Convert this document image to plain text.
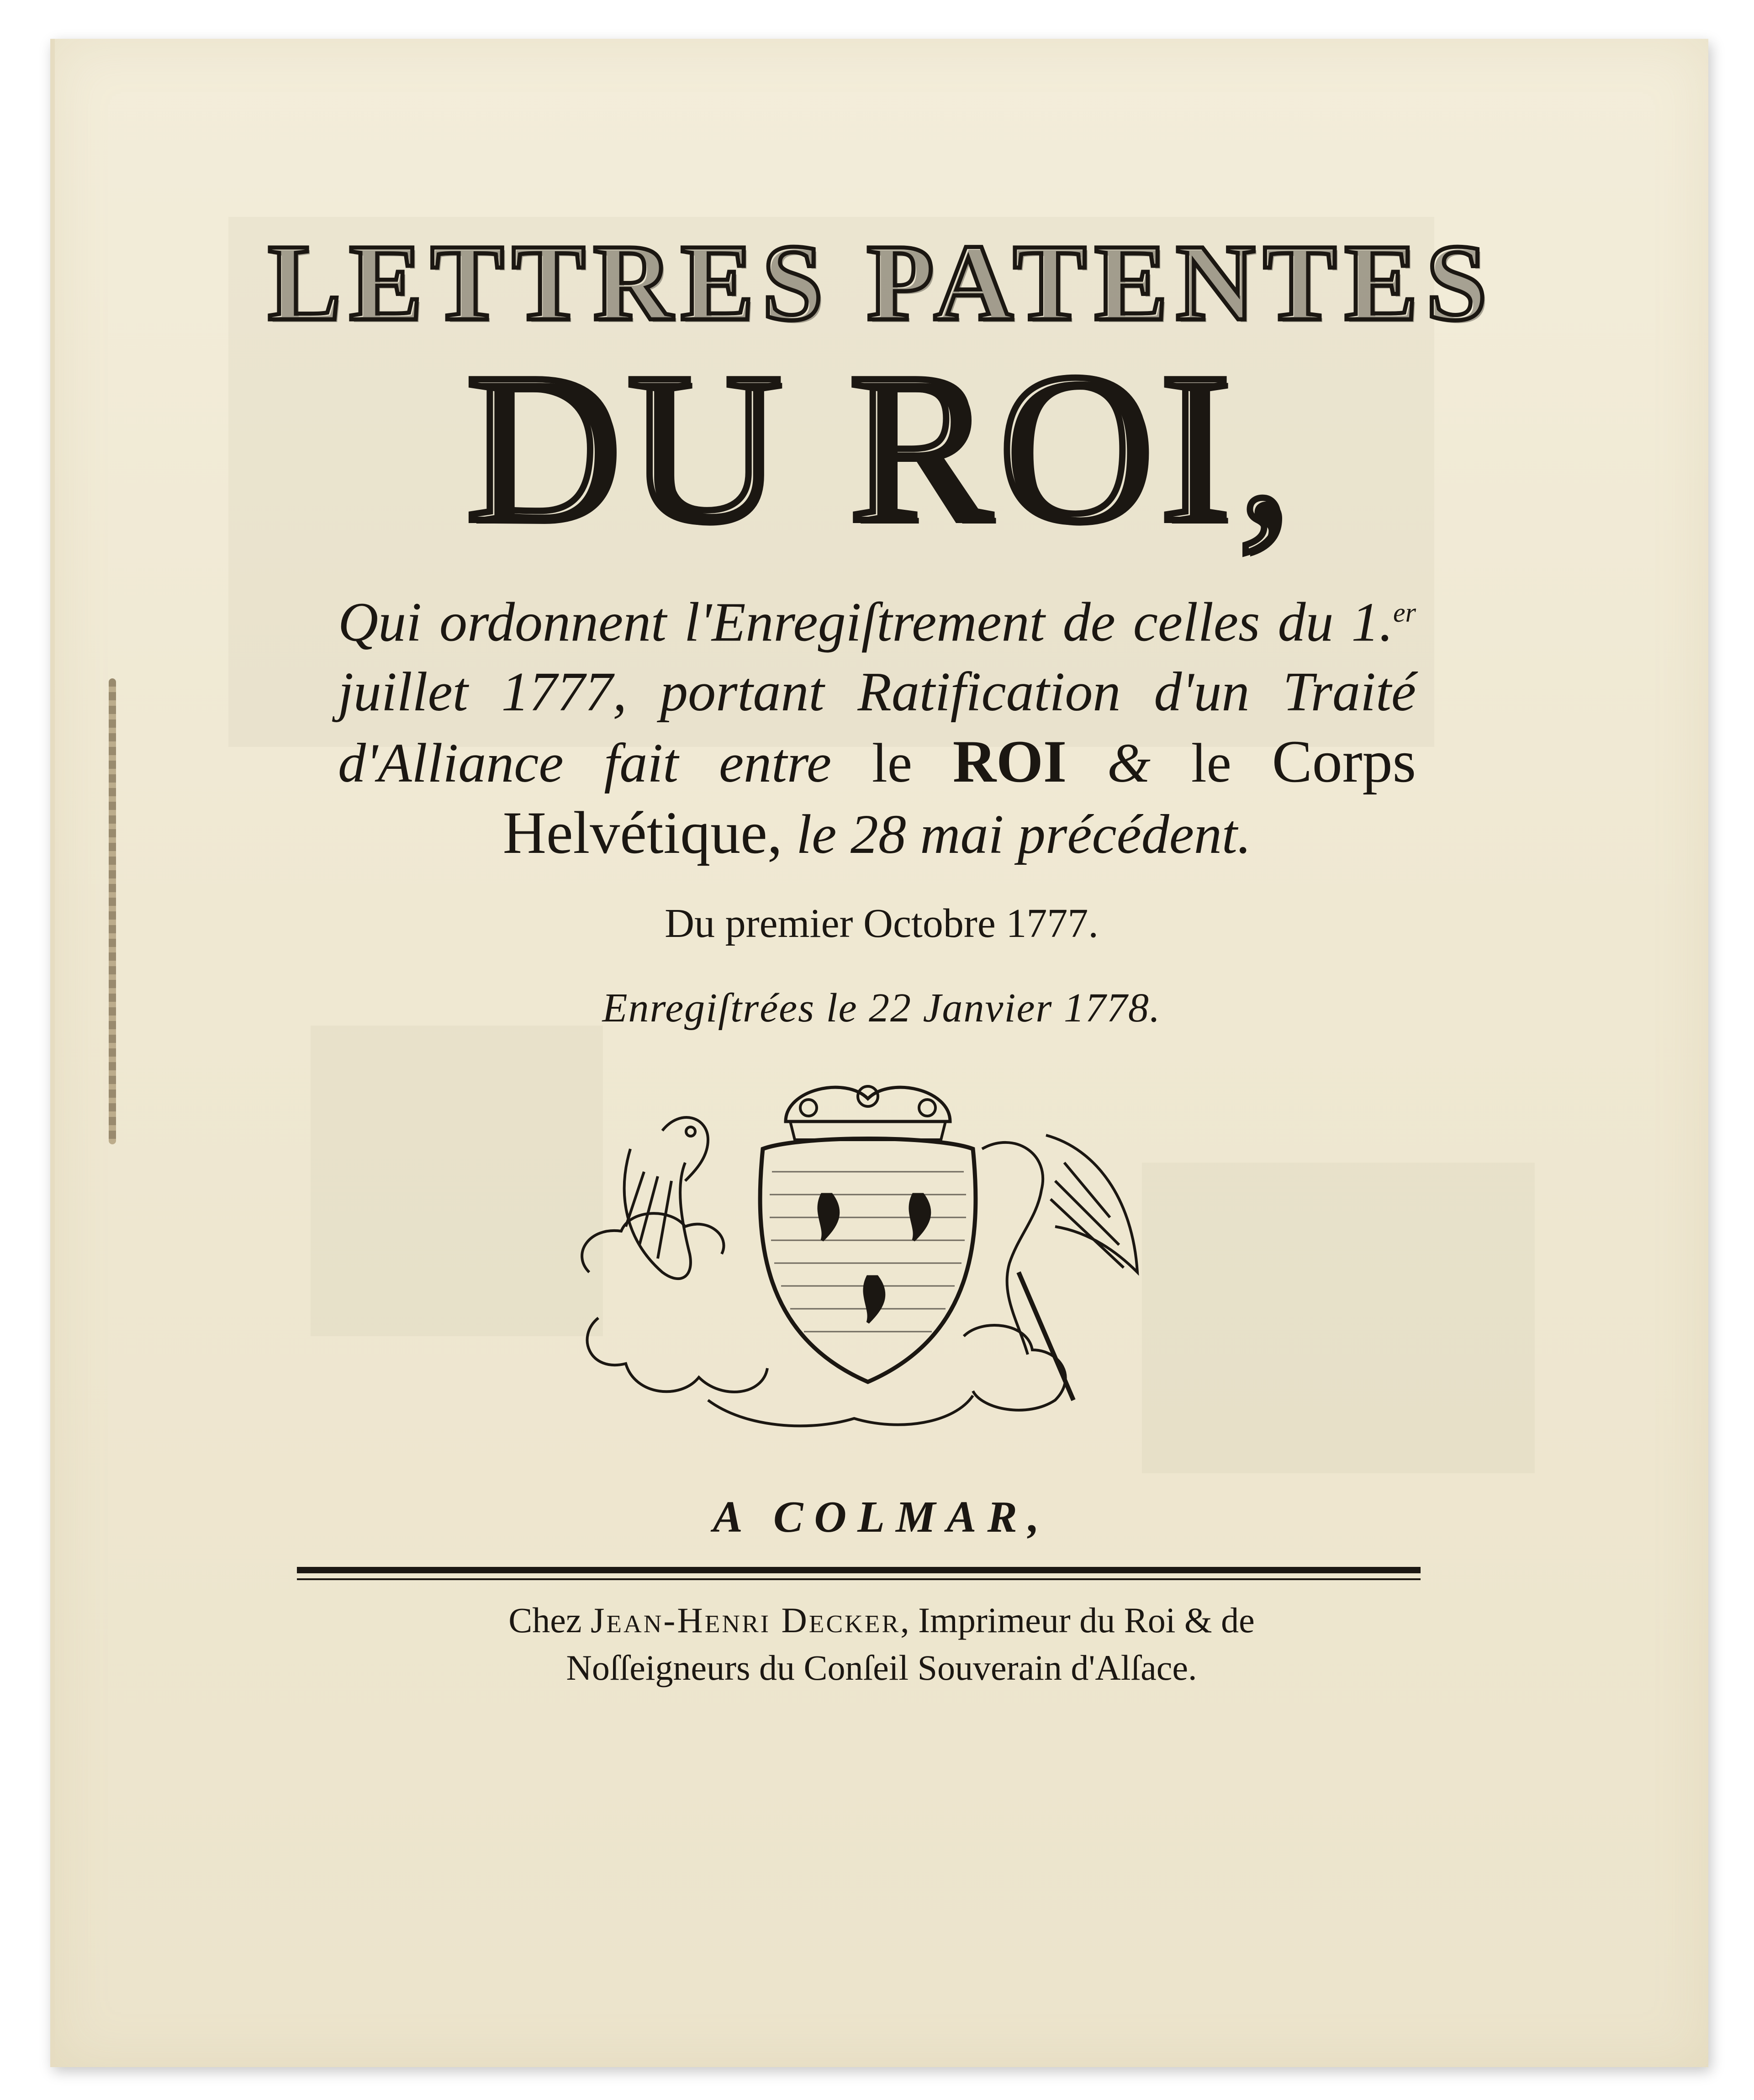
LETTRES PATENTES
DU ROI,
Qui ordonnent l'Enregiſtrement de celles du 1.$^{er}$ juillet 1777, portant Ratification d'un Traité d'Alliance fait entre le ROI & le Corps Helvétique, le 28 mai précédent.
Du premier Octobre 1777.
Enregiſtrées le 22 Janvier 1778.
A COLMAR,
Chez Jean-Henri Decker, Imprimeur du Roi & de
Noſſeigneurs du Conſeil Souverain d'Alſace.
